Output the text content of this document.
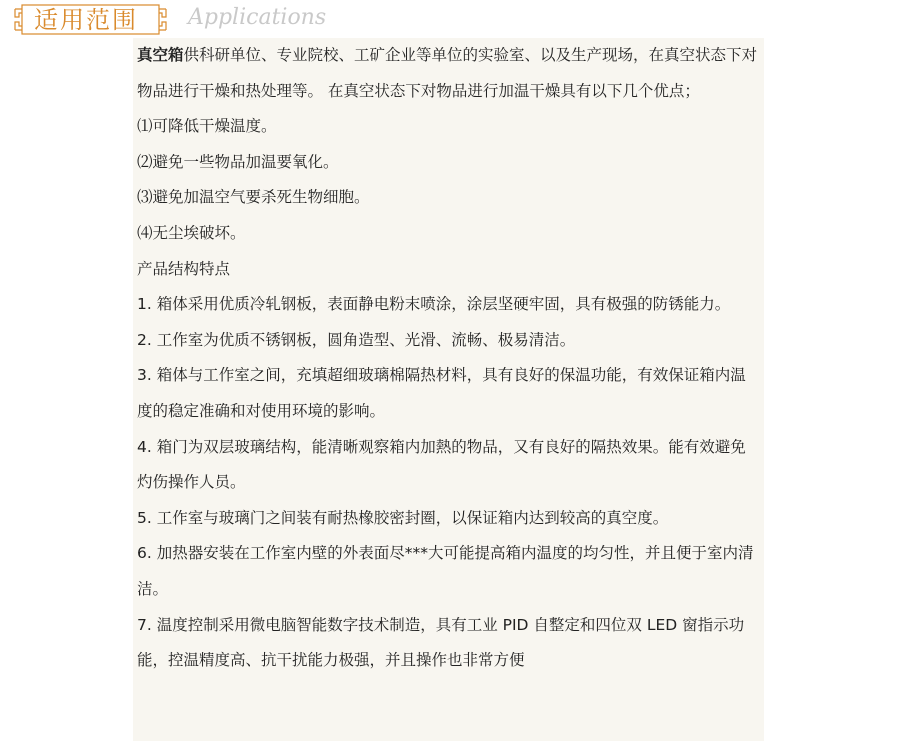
适用范围 Applications

真空箱供科研单位、专业院校、工矿企业等单位的实验室、以及生产现场，在真空状态下对物品进行干燥和热处理等。 在真空状态下对物品进行加温干燥具有以下几个优点；

⑴可降低干燥温度。

⑵避免一些物品加温要氧化。

⑶避免加温空气要杀死生物细胞。

⑷无尘埃破坏。

产品结构特点

1. 箱体采用优质冷轧钢板，表面静电粉末喷涂，涂层坚硬牢固，具有极强的防锈能力。

2. 工作室为优质不锈钢板，圆角造型、光滑、流畅、极易清洁。

3. 箱体与工作室之间，充填超细玻璃棉隔热材料，具有良好的保温功能，有效保证箱内温度的稳定准确和对使用环境的影响。

4. 箱门为双层玻璃结构，能清晰观察箱内加熱的物品，又有良好的隔热效果。能有效避免灼伤操作人员。

5. 工作室与玻璃门之间装有耐热橡胶密封圈，以保证箱内达到较高的真空度。

6. 加热器安装在工作室内壁的外表面尽***大可能提高箱内温度的均匀性，并且便于室内清洁。

7. 温度控制采用微电脑智能数字技术制造，具有工业 PID 自整定和四位双 LED 窗指示功能，控温精度高、抗干扰能力极强，并且操作也非常方便
